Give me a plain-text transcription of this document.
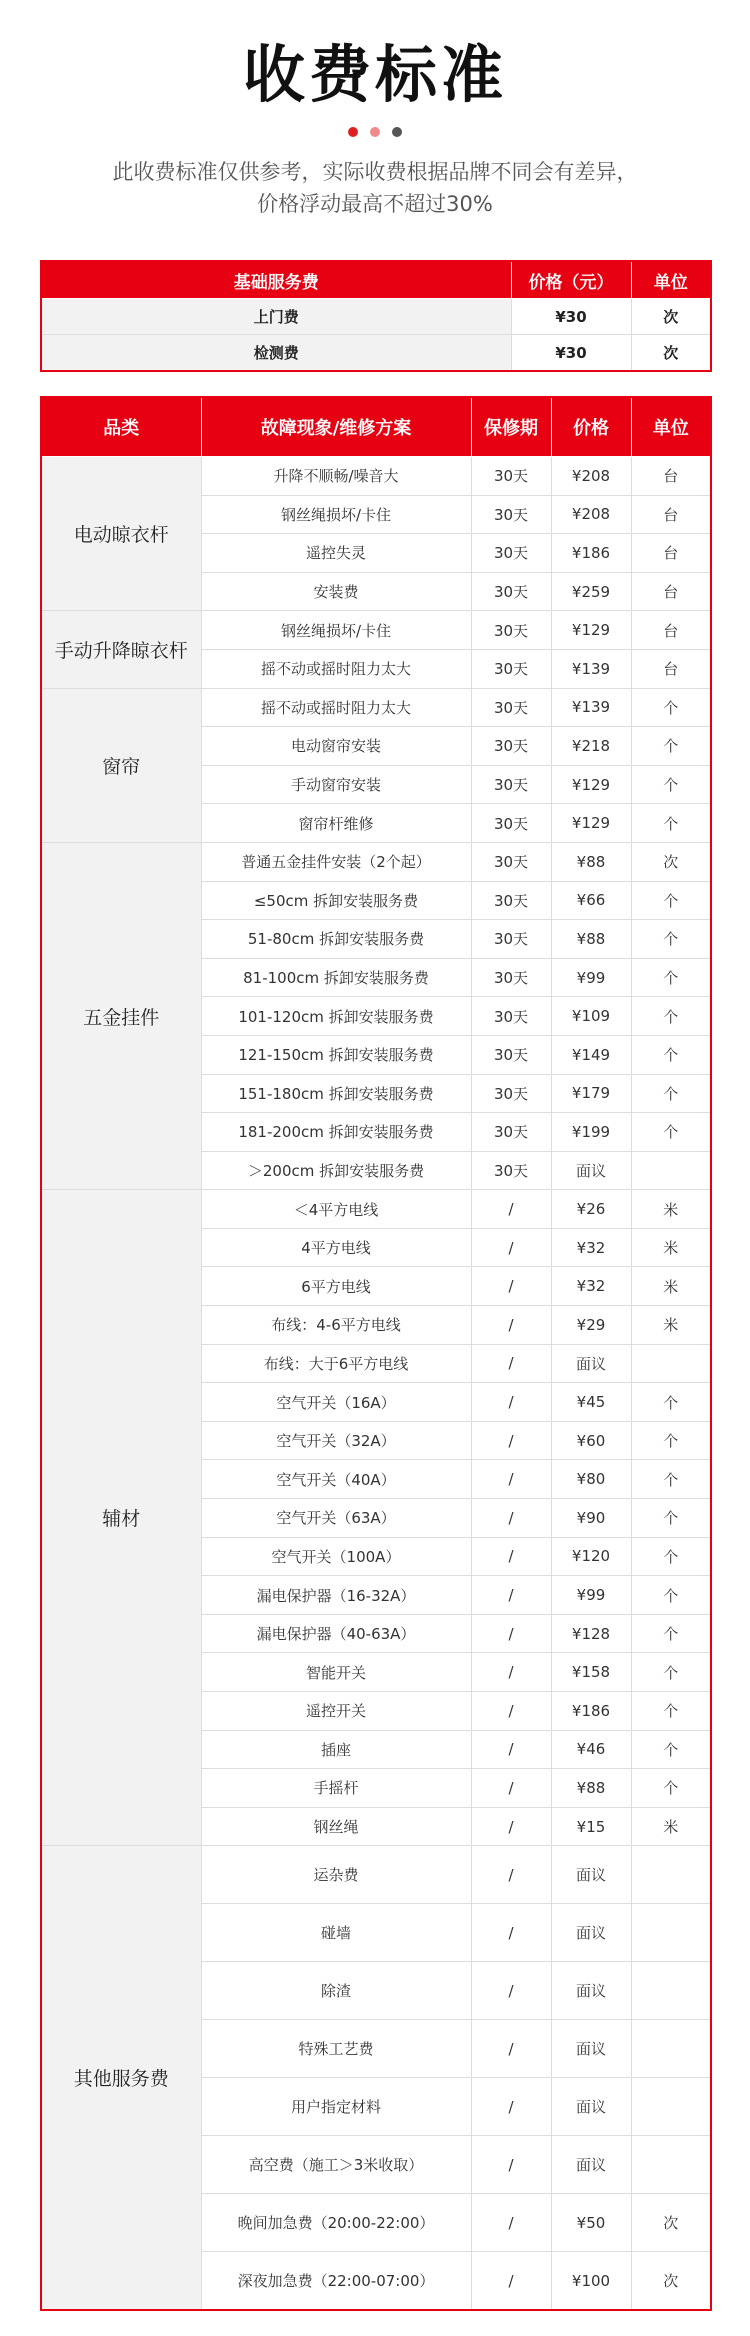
收费标准
此收费标准仅供参考，实际收费根据品牌不同会有差异，
价格浮动最高不超过30%
基础服务费	价格（元）	单位
上门费	¥30	次
检测费	¥30	次
品类	故障现象/维修方案	保修期	价格	单位
电动晾衣杆	升降不顺畅/噪音大	30天	¥208	台
	钢丝绳损坏/卡住	30天	¥208	台
	遥控失灵	30天	¥186	台
	安装费	30天	¥259	台
手动升降晾衣杆	钢丝绳损坏/卡住	30天	¥129	台
	摇不动或摇时阻力太大	30天	¥139	台
窗帘	摇不动或摇时阻力太大	30天	¥139	个
	电动窗帘安装	30天	¥218	个
	手动窗帘安装	30天	¥129	个
	窗帘杆维修	30天	¥129	个
五金挂件	普通五金挂件安装（2个起）	30天	¥88	次
	≤50cm 拆卸安装服务费	30天	¥66	个
	51-80cm 拆卸安装服务费	30天	¥88	个
	81-100cm 拆卸安装服务费	30天	¥99	个
	101-120cm 拆卸安装服务费	30天	¥109	个
	121-150cm 拆卸安装服务费	30天	¥149	个
	151-180cm 拆卸安装服务费	30天	¥179	个
	181-200cm 拆卸安装服务费	30天	¥199	个
	＞200cm 拆卸安装服务费	30天	面议	
辅材	＜4平方电线	/	¥26	米
	4平方电线	/	¥32	米
	6平方电线	/	¥32	米
	布线：4-6平方电线	/	¥29	米
	布线：大于6平方电线	/	面议	
	空气开关（16A）	/	¥45	个
	空气开关（32A）	/	¥60	个
	空气开关（40A）	/	¥80	个
	空气开关（63A）	/	¥90	个
	空气开关（100A）	/	¥120	个
	漏电保护器（16-32A）	/	¥99	个
	漏电保护器（40-63A）	/	¥128	个
	智能开关	/	¥158	个
	遥控开关	/	¥186	个
	插座	/	¥46	个
	手摇杆	/	¥88	个
	钢丝绳	/	¥15	米
其他服务费	运杂费	/	面议	
	碰墙	/	面议	
	除渣	/	面议	
	特殊工艺费	/	面议	
	用户指定材料	/	面议	
	高空费（施工＞3米收取）	/	面议	
	晚间加急费（20:00-22:00）	/	¥50	次
	深夜加急费（22:00-07:00）	/	¥100	次
